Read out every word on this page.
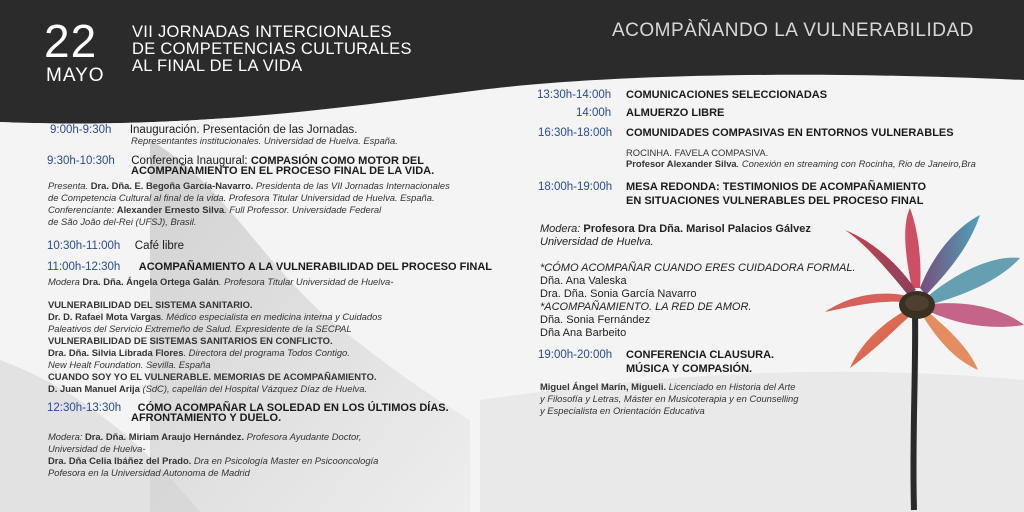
22
MAYO
VII JORNADAS INTERCIONALES
DE COMPETENCIAS CULTURALES
AL FINAL DE LA VIDA
ACOMPÀÑANDO LA VULNERABILIDAD
9:00h-9:30h Inauguración. Presentación de las Jornadas.
Representantes institucionales. Universidad de Huelva. España.
9:30h-10:30h Conferencia Inaugural: COMPASIÓN COMO MOTOR DEL
ACOMPAÑAMIENTO EN EL PROCESO FINAL DE LA VIDA.
Presenta. Dra. Dña. E. Begoña García-Navarro. Presidenta de las VII Jornadas Internacionales
de Competencia Cultural al final de la vida. Profesora Titular Universidad de Huelva. España.
Conferenciante: Alexander Ernesto Silva. Full Professor. Universidade Federal
de São João del-Rei (UFSJ), Brasil.
10:30h-11:00h Café libre
11:00h-12:30h ACOMPAÑAMIENTO A LA VULNERABILIDAD DEL PROCESO FINAL
Modera Dra. Dña. Ángela Ortega Galán. Profesora Titular Universidad de Huelva-
VULNERABILIDAD DEL SISTEMA SANITARIO.
Dr. D. Rafael Mota Vargas. Médico especialista en medicina interna y Cuidados
Paleativos del Servicio Extremeño de Salud. Expresidente de la SECPAL
VULNERABILIDAD DE SISTEMAS SANITARIOS EN CONFLICTO.
Dra. Dña. Silvia Librada Flores. Directora del programa Todos Contigo.
New Healt Foundation. Sevilla. España
CUANDO SOY YO EL VULNERABLE. MEMORIAS DE ACOMPAÑAMIENTO.
D. Juan Manuel Arija (SdC), capellán del Hospital Vázquez Díaz de Huelva.
12:30h-13:30h CÓMO ACOMPAÑAR LA SOLEDAD EN LOS ÚLTIMOS DÍAS.
AFRONTAMIENTO Y DUELO.
Modera: Dra. Dña. Miriam Araujo Hernández. Profesora Ayudante Doctor,
Universidad de Huelva-
Dra. Dña Celia Ibáñez del Prado. Dra en Psicología Master en Psicooncología
Pofesora en la Universidad Autonoma de Madrid
13:30h-14:00h COMUNICACIONES SELECCIONADAS
14:00h ALMUERZO LIBRE
16:30h-18:00h COMUNIDADES COMPASIVAS EN ENTORNOS VULNERABLES
ROCINHA. FAVELA COMPASIVA.
Profesor Alexander Silva. Conexión en streaming con Rocinha, Rio de Janeiro,Bra
18:00h-19:00h MESA REDONDA: TESTIMONIOS DE ACOMPAÑAMIENTO
EN SITUACIONES VULNERABLES DEL PROCESO FINAL
Modera: Profesora Dra Dña. Marisol Palacios Gálvez
Universidad de Huelva.
*CÓMO ACOMPAÑAR CUANDO ERES CUIDADORA FORMAL.
Dña. Ana Valeska
Dra. Dña. Sonia García Navarro
*ACOMPAÑAMIENTO. LA RED DE AMOR.
Dña. Sonia Fernández
Dña Ana Barbeito
19:00h-20:00h CONFERENCIA CLAUSURA.
MÚSICA Y COMPASIÓN.
Miguel Ángel Marín, Migueli. Licenciado en Historia del Arte
y Filosofía y Letras, Máster en Musicoterapia y en Counselling
y Especialista en Orientación Educativa
